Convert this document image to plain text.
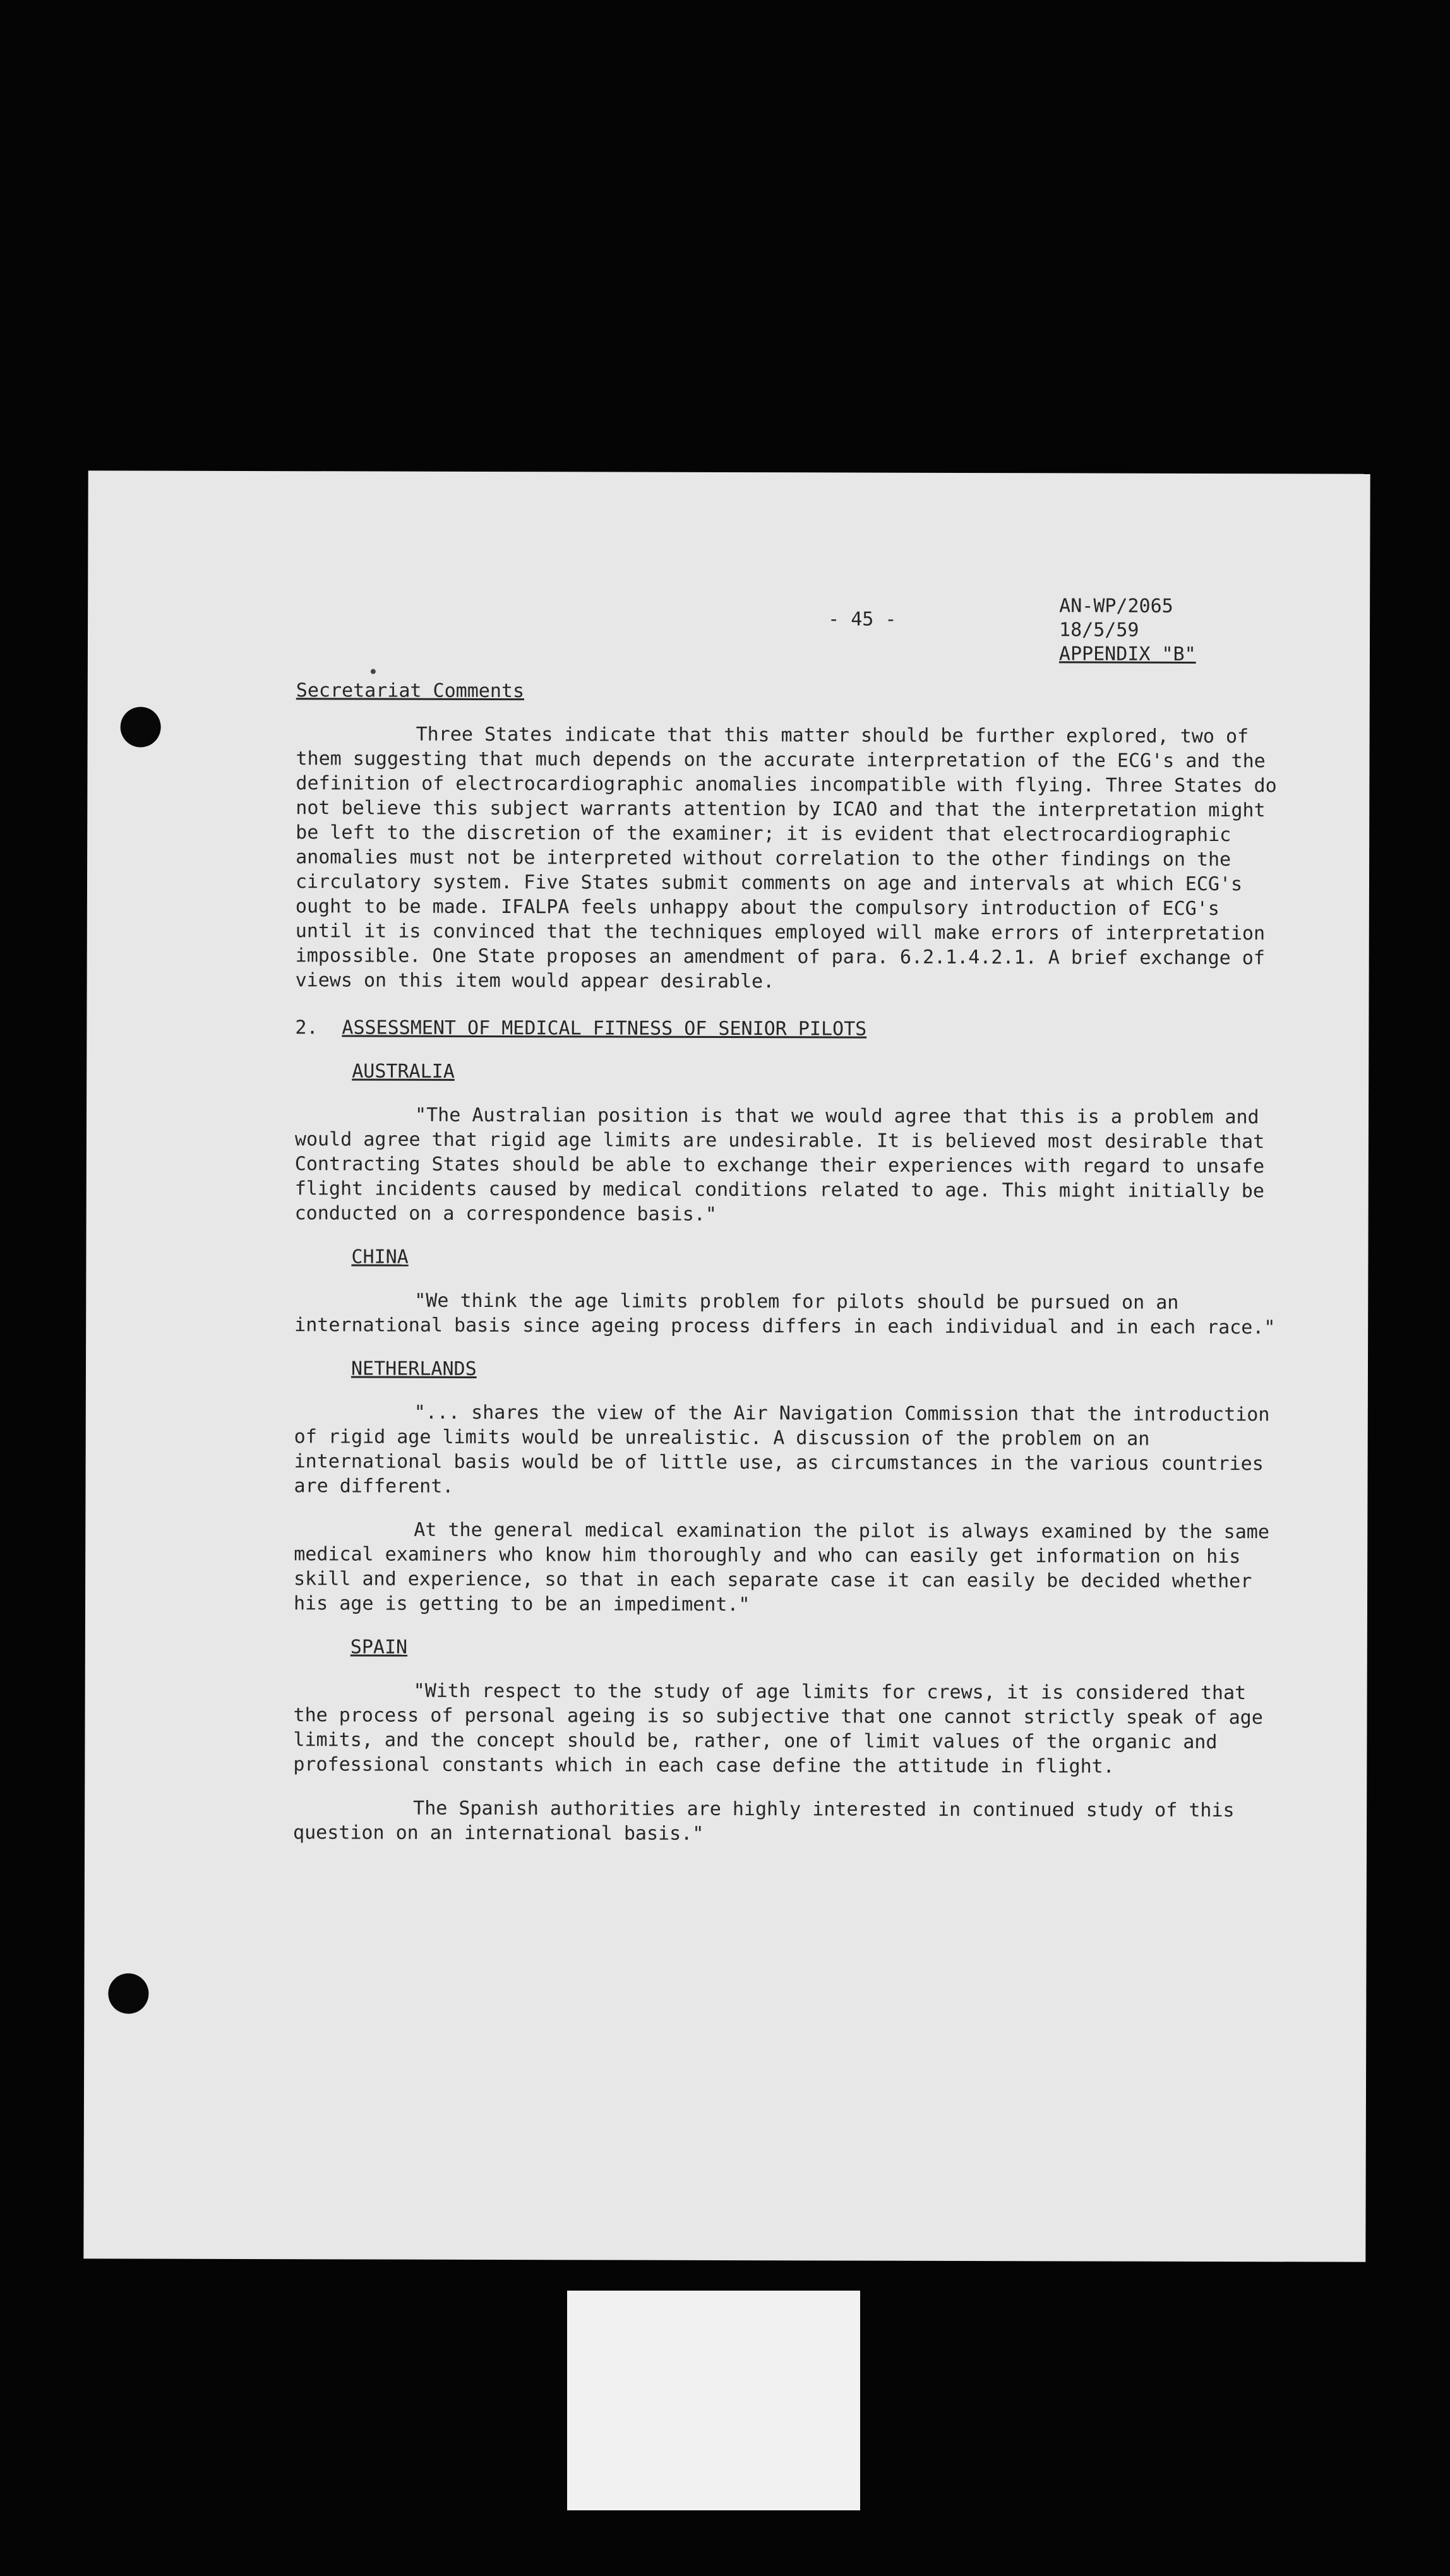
- 45 -
AN-WP/2065
18/5/59
APPENDIX "B"

Secretariat Comments

Three States indicate that this matter should be further explored, two of them suggesting that much depends on the accurate interpretation of the ECG's and the definition of electrocardiographic anomalies incompatible with flying. Three States do not believe this subject warrants attention by ICAO and that the interpretation might be left to the discretion of the examiner; it is evident that electrocardiographic anomalies must not be interpreted without correlation to the other findings on the circulatory system. Five States submit comments on age and intervals at which ECG's ought to be made. IFALPA feels unhappy about the compulsory introduction of ECG's until it is convinced that the techniques employed will make errors of interpretation impossible. One State proposes an amendment of para. 6.2.1.4.2.1. A brief exchange of views on this item would appear desirable.

2. ASSESSMENT OF MEDICAL FITNESS OF SENIOR PILOTS

AUSTRALIA

"The Australian position is that we would agree that this is a problem and would agree that rigid age limits are undesirable. It is believed most desirable that Contracting States should be able to exchange their experiences with regard to unsafe flight incidents caused by medical conditions related to age. This might initially be conducted on a correspondence basis."

CHINA

"We think the age limits problem for pilots should be pursued on an international basis since ageing process differs in each individual and in each race."

NETHERLANDS

"... shares the view of the Air Navigation Commission that the introduction of rigid age limits would be unrealistic. A discussion of the problem on an international basis would be of little use, as circumstances in the various countries are different.

At the general medical examination the pilot is always examined by the same medical examiners who know him thoroughly and who can easily get information on his skill and experience, so that in each separate case it can easily be decided whether his age is getting to be an impediment."

SPAIN

"With respect to the study of age limits for crews, it is considered that the process of personal ageing is so subjective that one cannot strictly speak of age limits, and the concept should be, rather, one of limit values of the organic and professional constants which in each case define the attitude in flight.

The Spanish authorities are highly interested in continued study of this question on an international basis."
